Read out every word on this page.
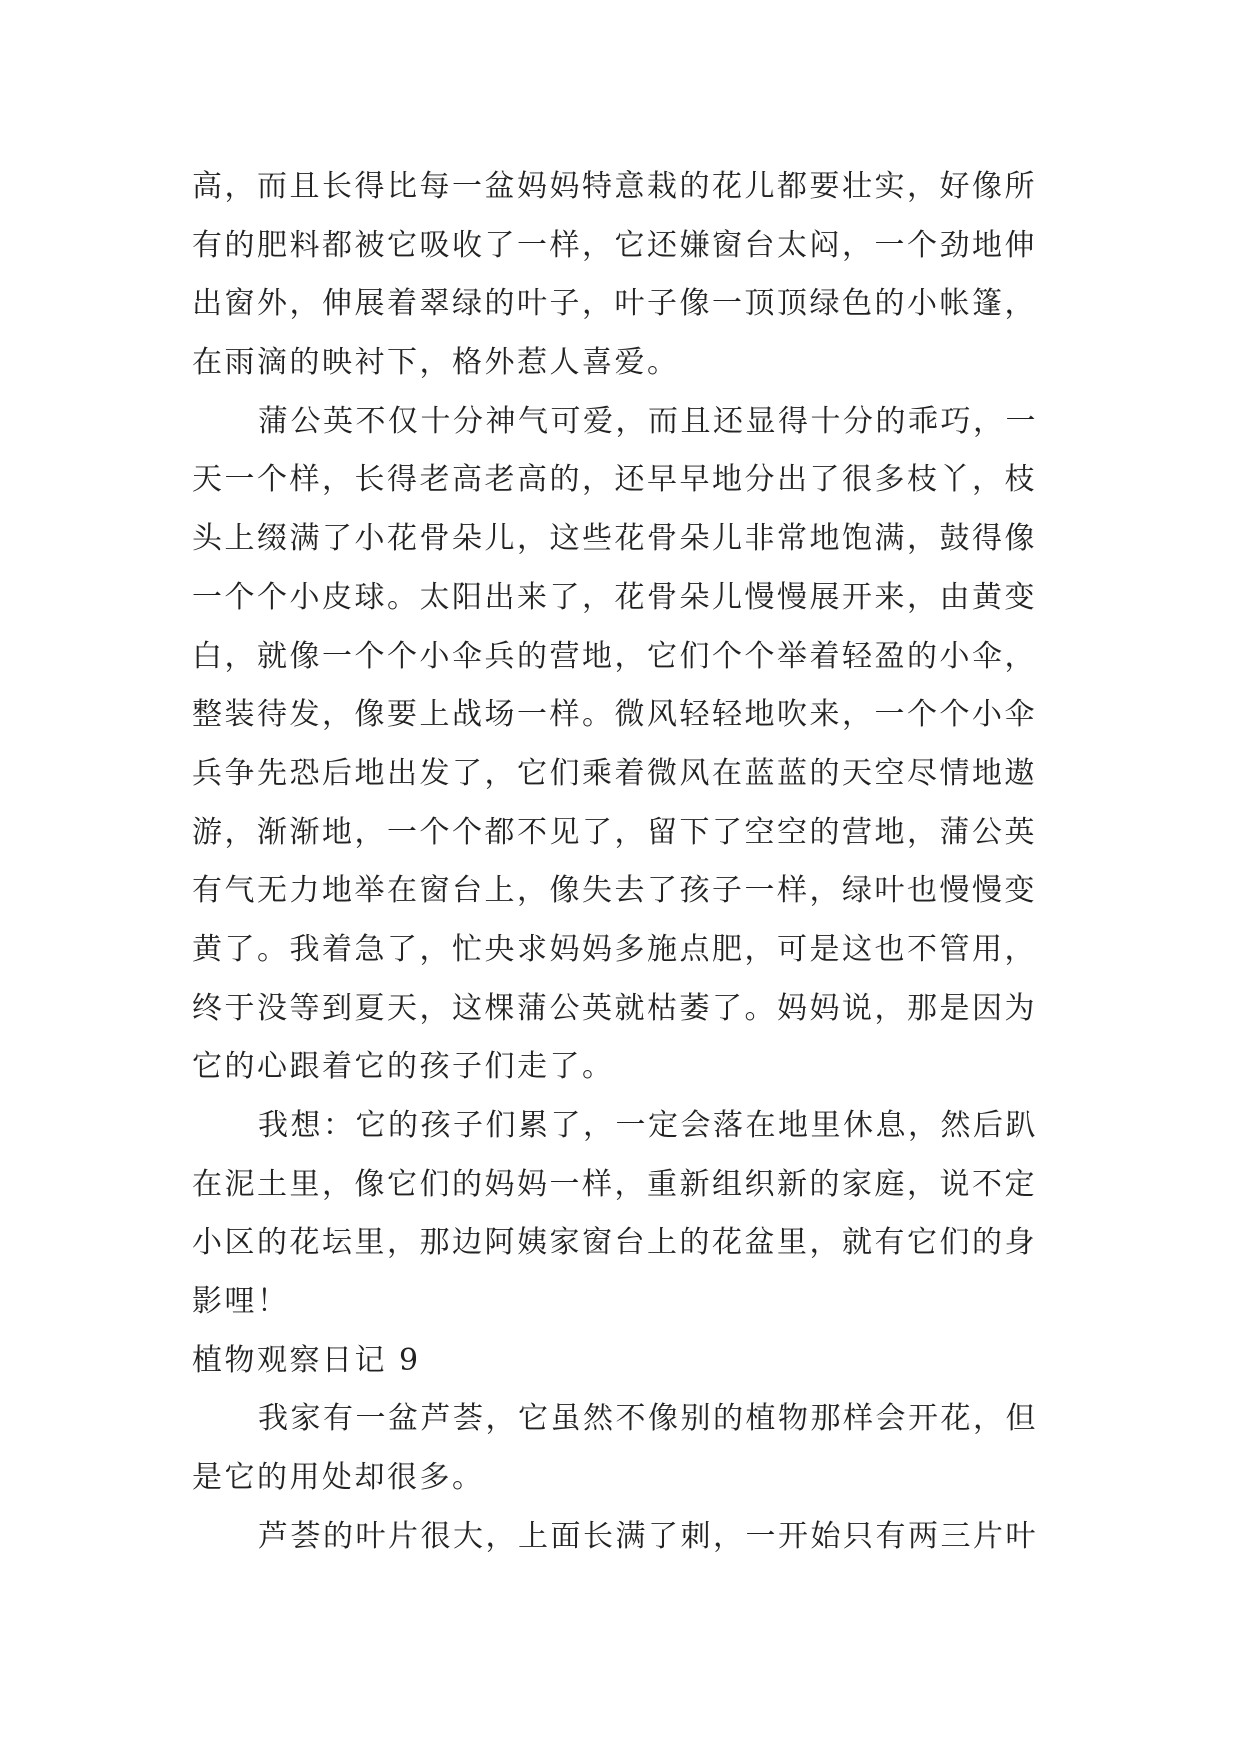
高，而且长得比每一盆妈妈特意栽的花儿都要壮实，好像所
有的肥料都被它吸收了一样，它还嫌窗台太闷，一个劲地伸
出窗外，伸展着翠绿的叶子，叶子像一顶顶绿色的小帐篷，
在雨滴的映衬下，格外惹人喜爱。
蒲公英不仅十分神气可爱，而且还显得十分的乖巧，一
天一个样，长得老高老高的，还早早地分出了很多枝丫，枝
头上缀满了小花骨朵儿，这些花骨朵儿非常地饱满，鼓得像
一个个小皮球。太阳出来了，花骨朵儿慢慢展开来，由黄变
白，就像一个个小伞兵的营地，它们个个举着轻盈的小伞，
整装待发，像要上战场一样。微风轻轻地吹来，一个个小伞
兵争先恐后地出发了，它们乘着微风在蓝蓝的天空尽情地遨
游，渐渐地，一个个都不见了，留下了空空的营地，蒲公英
有气无力地举在窗台上，像失去了孩子一样，绿叶也慢慢变
黄了。我着急了，忙央求妈妈多施点肥，可是这也不管用，
终于没等到夏天，这棵蒲公英就枯萎了。妈妈说，那是因为
它的心跟着它的孩子们走了。
我想：它的孩子们累了，一定会落在地里休息，然后趴
在泥土里，像它们的妈妈一样，重新组织新的家庭，说不定
小区的花坛里，那边阿姨家窗台上的花盆里，就有它们的身
影哩！
植物观察日记 9
我家有一盆芦荟，它虽然不像别的植物那样会开花，但
是它的用处却很多。
芦荟的叶片很大，上面长满了刺，一开始只有两三片叶
